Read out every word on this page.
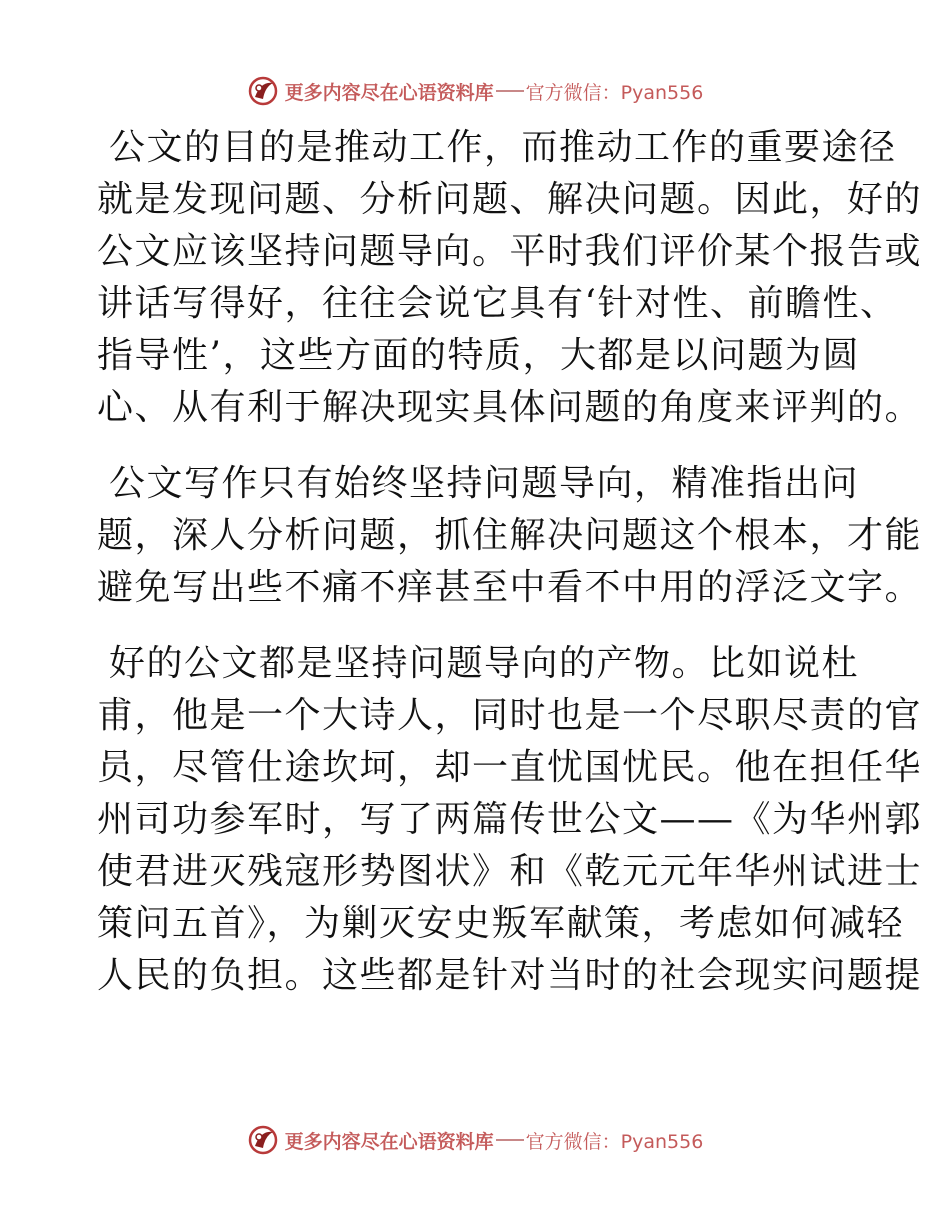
更多内容尽在心语资料库 官方微信：Pyan556

公文的目的是推动工作，而推动工作的重要途径
就是发现问题、分析问题、解决问题。因此，好的
公文应该坚持问题导向。平时我们评价某个报告或
讲话写得好，往往会说它具有‘针对性、前瞻性、
指导性’，这些方面的特质，大都是以问题为圆
心、从有利于解决现实具体问题的角度来评判的。

公文写作只有始终坚持问题导向，精准指出问
题，深人分析问题，抓住解决问题这个根本，才能
避免写出些不痛不痒甚至中看不中用的浮泛文字。

好的公文都是坚持问题导向的产物。比如说杜
甫，他是一个大诗人，同时也是一个尽职尽责的官
员，尽管仕途坎坷，却一直忧国忧民。他在担任华
州司功参军时，写了两篇传世公文——《为华州郭
使君进灭残寇形势图状》和《乾元元年华州试进士
策问五首》，为剿灭安史叛军献策，考虑如何减轻
人民的负担。这些都是针对当时的社会现实问题提

更多内容尽在心语资料库 官方微信：Pyan556
